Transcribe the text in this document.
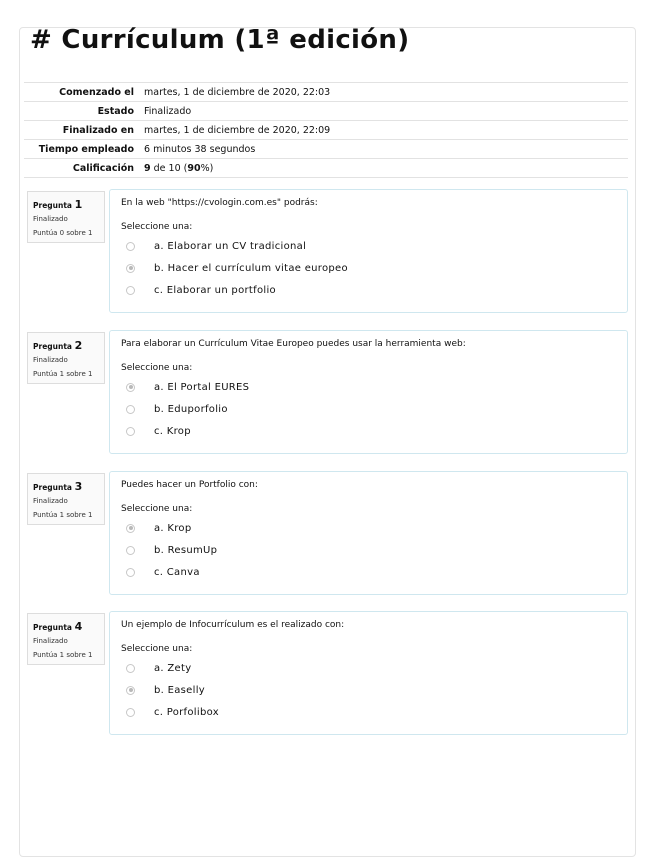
# Currículum (1ª edición)
Comenzado el	martes, 1 de diciembre de 2020, 22:03
Estado	Finalizado
Finalizado en	martes, 1 de diciembre de 2020, 22:09
Tiempo empleado	6 minutos 38 segundos
Calificación	9 de 10 (90%)
Pregunta 1
Finalizado
Puntúa 0 sobre 1
En la web "https://cvologin.com.es" podrás:
Seleccione una:
a. Elaborar un CV tradicional
b. Hacer el currículum vitae europeo
c. Elaborar un portfolio
Pregunta 2
Finalizado
Puntúa 1 sobre 1
Para elaborar un Currículum Vitae Europeo puedes usar la herramienta web:
Seleccione una:
a. El Portal EURES
b. Eduporfolio
c. Krop
Pregunta 3
Finalizado
Puntúa 1 sobre 1
Puedes hacer un Portfolio con:
Seleccione una:
a. Krop
b. ResumUp
c. Canva
Pregunta 4
Finalizado
Puntúa 1 sobre 1
Un ejemplo de Infocurrículum es el realizado con:
Seleccione una:
a. Zety
b. Easelly
c. Porfolibox
